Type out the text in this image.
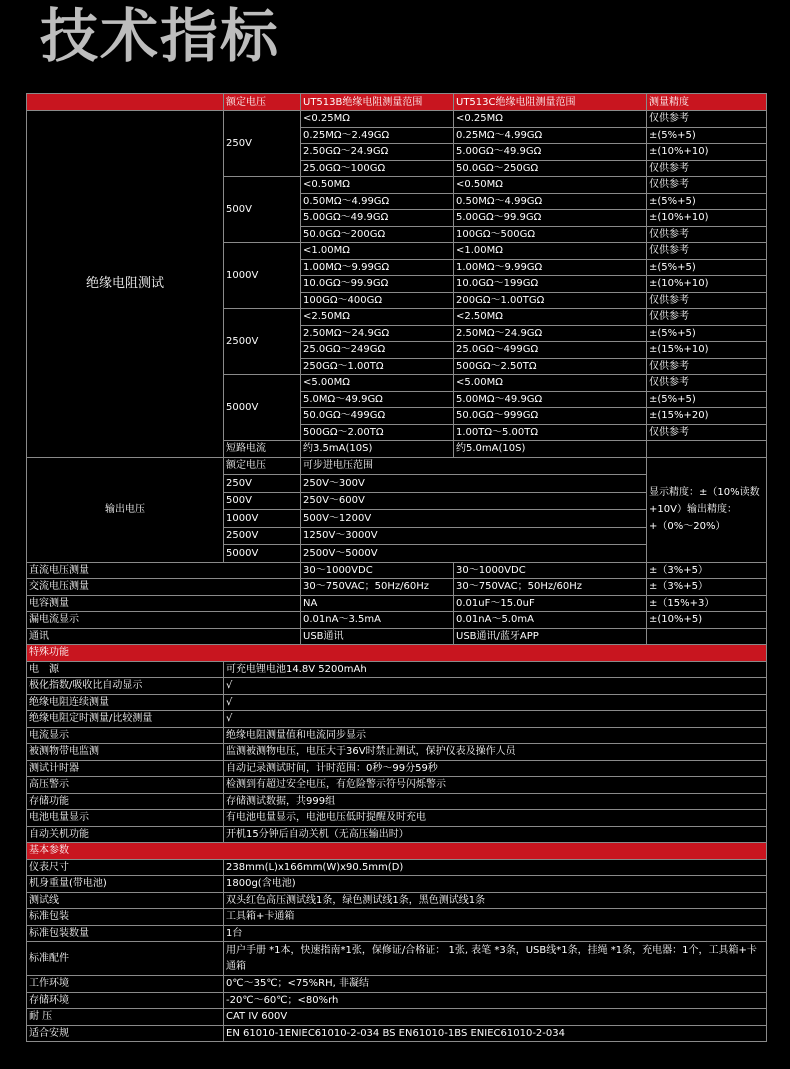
技术指标
	额定电压	UT513B绝缘电阻测量范围	UT513C绝缘电阻测量范围	测量精度
绝缘电阻测试	250V	<0.25MΩ	<0.25MΩ	仅供参考
		0.25MΩ～2.49GΩ	0.25MΩ～4.99GΩ	±(5%+5)
		2.50GΩ～24.9GΩ	5.00GΩ～49.9GΩ	±(10%+10)
		25.0GΩ～100GΩ	50.0GΩ～250GΩ	仅供参考
	500V	<0.50MΩ	<0.50MΩ	仅供参考
		0.50MΩ～4.99GΩ	0.50MΩ～4.99GΩ	±(5%+5)
		5.00GΩ～49.9GΩ	5.00GΩ～99.9GΩ	±(10%+10)
		50.0GΩ～200GΩ	100GΩ～500GΩ	仅供参考
	1000V	<1.00MΩ	<1.00MΩ	仅供参考
		1.00MΩ～9.99GΩ	1.00MΩ～9.99GΩ	±(5%+5)
		10.0GΩ～99.9GΩ	10.0GΩ～199GΩ	±(10%+10)
		100GΩ～400GΩ	200GΩ～1.00TGΩ	仅供参考
	2500V	<2.50MΩ	<2.50MΩ	仅供参考
		2.50MΩ～24.9GΩ	2.50MΩ～24.9GΩ	±(5%+5)
		25.0GΩ～249GΩ	25.0GΩ～499GΩ	±(15%+10)
		250GΩ～1.00TΩ	500GΩ～2.50TΩ	仅供参考
	5000V	<5.00MΩ	<5.00MΩ	仅供参考
		5.0MΩ～49.9GΩ	5.00MΩ～49.9GΩ	±(5%+5)
		50.0GΩ～499GΩ	50.0GΩ～999GΩ	±(15%+20)
		500GΩ～2.00TΩ	1.00TΩ～5.00TΩ	仅供参考
	短路电流	约3.5mA(10S)	约5.0mA(10S)	
输出电压	额定电压	可步进电压范围		显示精度：±（10%读数+10V）输出精度：+（0%～20%）
	250V	250V～300V		
	500V	250V～600V		
	1000V	500V～1200V		
	2500V	1250V～3000V		
	5000V	2500V～5000V		
直流电压测量		30～1000VDC	30～1000VDC	±（3%+5）
交流电压测量		30～750VAC；50Hz/60Hz	30～750VAC；50Hz/60Hz	±（3%+5）
电容测量		NA	0.01uF～15.0uF	±（15%+3）
漏电流显示		0.01nA～3.5mA	0.01nA～5.0mA	±(10%+5)
通讯		USB通讯	USB通讯/蓝牙APP	
特殊功能				
电　源	可充电锂电池14.8V 5200mAh			
极化指数/吸收比自动显示	√			
绝缘电阻连续测量	√			
绝缘电阻定时测量/比较测量	√			
电流显示	绝缘电阻测量值和电流同步显示			
被测物带电监测	监测被测物电压，电压大于36V时禁止测试，保护仪表及操作人员			
测试计时器	自动记录测试时间，计时范围：0秒～99分59秒			
高压警示	检测到有超过安全电压，有危险警示符号闪烁警示			
存储功能	存储测试数据，共999组			
电池电量显示	有电池电量显示，电池电压低时提醒及时充电			
自动关机功能	开机15分钟后自动关机（无高压输出时）			
基本参数				
仪表尺寸	238mm(L)x166mm(W)x90.5mm(D)			
机身重量(带电池)	1800g(含电池)			
测试线	双头红色高压测试线1条，绿色测试线1条，黑色测试线1条			
标准包装	工具箱+卡通箱			
标准包装数量	1台			
标准配件	用户手册 *1本，快速指南*1张，保修证/合格证： 1张, 表笔 *3条，USB线*1条，挂绳 *1条，充电器：1个，工具箱+卡通箱			
工作环境	0℃～35℃；<75%RH, 非凝结			
存储环境	-20℃～60℃；<80%rh			
耐 压	CAT IV 600V			
适合安规	EN 61010-1ENIEC61010-2-034 BS EN61010-1BS ENIEC61010-2-034			
